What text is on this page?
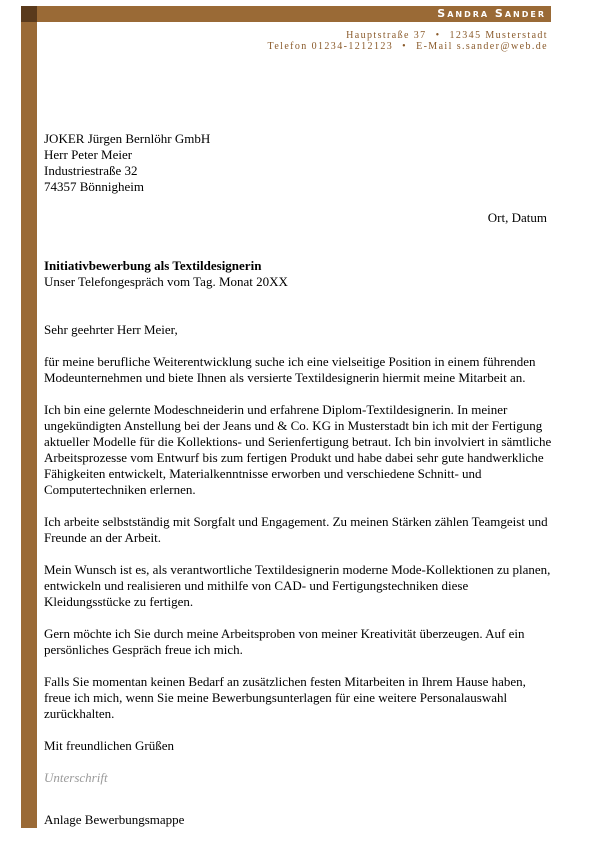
Sandra Sander
Hauptstraße 37 • 12345 Musterstadt
Telefon 01234-1212123 • E-Mail s.sander@web.de

JOKER Jürgen Bernlöhr GmbH

Herr Peter Meier

Industriestraße 32

74357 Bönnigheim

Ort, Datum

Initiativbewerbung als Textildesignerin

Unser Telefongespräch vom Tag. Monat 20XX

Sehr geehrter Herr Meier,

für meine berufliche Weiterentwicklung suche ich eine vielseitige Position in einem führenden Modeunternehmen und biete Ihnen als versierte Textildesignerin hiermit meine Mitarbeit an.

Ich bin eine gelernte Modeschneiderin und erfahrene Diplom-Textildesignerin. In meiner ungekündigten Anstellung bei der Jeans und & Co. KG in Musterstadt bin ich mit der Fertigung aktueller Modelle für die Kollektions- und Serienfertigung betraut. Ich bin involviert in sämtliche Arbeitsprozesse vom Entwurf bis zum fertigen Produkt und habe dabei sehr gute handwerkliche Fähigkeiten entwickelt, Materialkenntnisse erworben und verschiedene Schnitt- und Computertechniken erlernen.

Ich arbeite selbstständig mit Sorgfalt und Engagement. Zu meinen Stärken zählen Teamgeist und Freunde an der Arbeit.

Mein Wunsch ist es, als verantwortliche Textildesignerin moderne Mode-Kollektionen zu planen, entwickeln und realisieren und mithilfe von CAD- und Fertigungstechniken diese Kleidungsstücke zu fertigen.

Gern möchte ich Sie durch meine Arbeitsproben von meiner Kreativität überzeugen. Auf ein persönliches Gespräch freue ich mich.

Falls Sie momentan keinen Bedarf an zusätzlichen festen Mitarbeiten in Ihrem Hause haben, freue ich mich, wenn Sie meine Bewerbungsunterlagen für eine weitere Personalauswahl zurückhalten.

Mit freundlichen Grüßen

Unterschrift

Anlage Bewerbungsmappe
